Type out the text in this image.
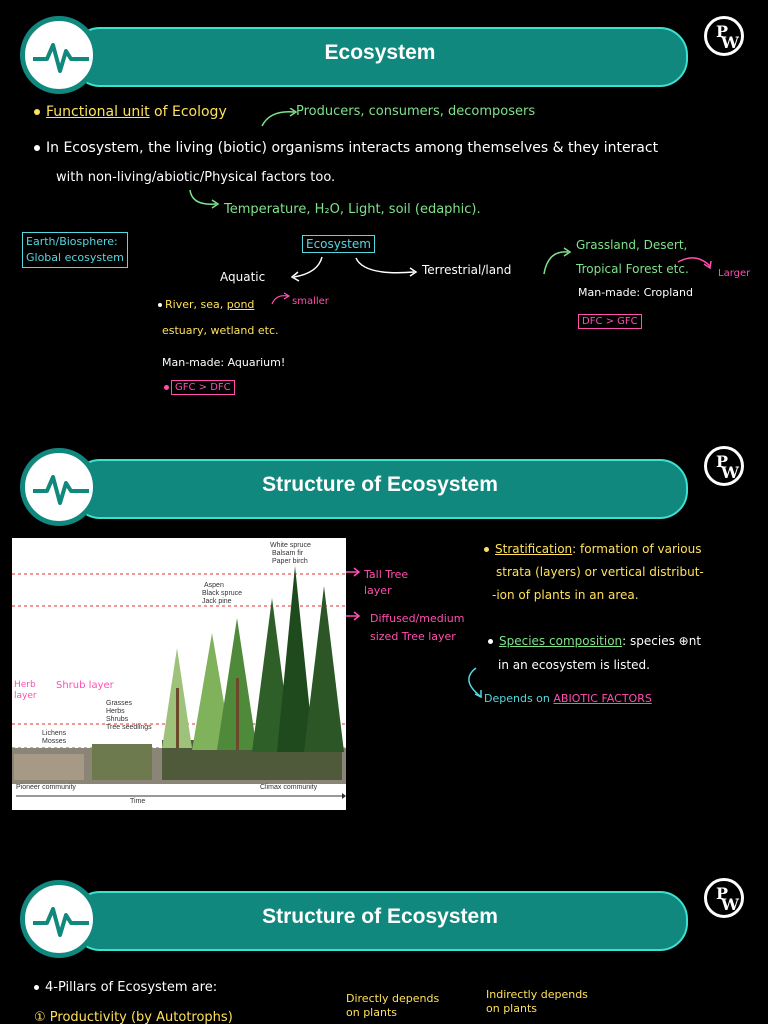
Ecosystem
P
W
Functional unit of Ecology	Producers, consumers, decomposers
In Ecosystem, the living (biotic) organisms interacts among themselves & they interact
with non-living/abiotic/Physical factors too.
Temperature, H₂O, Light, soil (edaphic).
Earth/Biosphere:
Global ecosystem
Ecosystem
Aquatic	Terrestrial/land
Grassland, Desert,
Tropical Forest etc.	Larger
Man-made: Cropland
DFC > GFC
River, sea, pond	smaller
estuary, wetland etc.
Man-made: Aquarium!
GFC > DFC
Structure of Ecosystem
P
W
White spruce
Balsam fir
Paper birch
Aspen
Black spruce
Jack pine
Grasses
Herbs
Shrubs
Tree seedlings
Lichens
Mosses
Pioneer community	Climax community
Time
Herb
layer
Shrub layer
Tall Tree
layer
Diffused/medium
sized Tree layer
Stratification: formation of various
strata (layers) or vertical distribut-
-ion of plants in an area.
Species composition: species ⊕nt
in an ecosystem is listed.
Depends on ABIOTIC FACTORS
Structure of Ecosystem
P
W
4-Pillars of Ecosystem are:
① Productivity (by Autotrophs)
Directly depends
on plants
Indirectly depends
on plants
